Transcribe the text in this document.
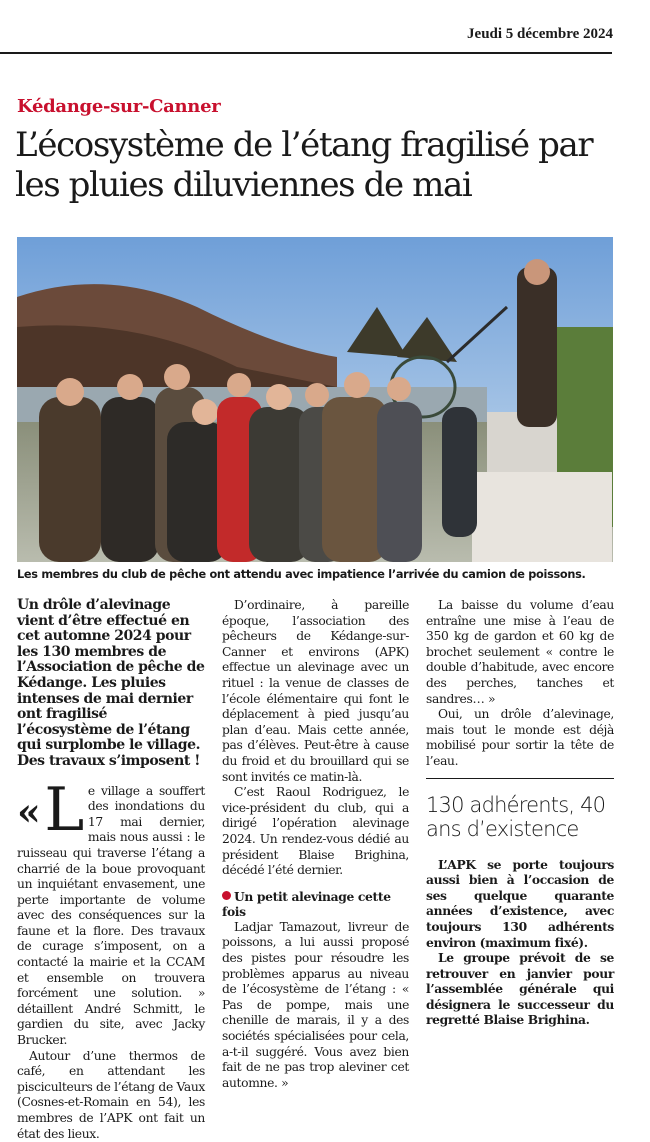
Jeudi 5 décembre 2024
Kédange-sur-Canner
L’écosystème de l’étang fragilisé par les pluies diluviennes de mai
Les membres du club de pêche ont attendu avec impatience l’arrivée du camion de poissons.

Un drôle d’alevinage vient d’être effectué en cet automne 2024 pour les 130 membres de l’Association de pêche de Kédange. Les pluies intenses de mai dernier ont fragilisé l’écosystème de l’étang qui surplombe le village. Des travaux s’imposent !

« L e village a souffert des inondations du 17 mai dernier, mais nous aussi : le ruisseau qui traverse l’étang a charrié de la boue provoquant un inquiétant envasement, une perte importante de volume avec des conséquences sur la faune et la flore. Des travaux de curage s’imposent, on a contacté la mairie et la CCAM et ensemble on trouvera forcément une solution. » détaillent André Schmitt, le gardien du site, avec Jacky Brucker.

Autour d’une thermos de café, en attendant les pisciculteurs de l’étang de Vaux (Cosnes-et-Romain en 54), les membres de l’APK ont fait un état des lieux.

D’ordinaire, à pareille époque, l’association des pêcheurs de Kédange-sur-Canner et environs (APK) effectue un alevinage avec un rituel : la venue de classes de l’école élémentaire qui font le déplacement à pied jusqu’au plan d’eau. Mais cette année, pas d’élèves. Peut-être à cause du froid et du brouillard qui se sont invités ce matin-là.

C’est Raoul Rodriguez, le vice-président du club, qui a dirigé l’opération alevinage 2024. Un rendez-vous dédié au président Blaise Brighina, décédé l’été dernier.

Un petit alevinage cette fois

Ladjar Tamazout, livreur de poissons, a lui aussi proposé des pistes pour résoudre les problèmes apparus au niveau de l’écosystème de l’étang : « Pas de pompe, mais une chenille de marais, il y a des sociétés spécialisées pour cela, a-t-il suggéré. Vous avez bien fait de ne pas trop aleviner cet automne. »

La baisse du volume d’eau entraîne une mise à l’eau de 350 kg de gardon et 60 kg de brochet seulement « contre le double d’habitude, avec encore des perches, tanches et sandres… »

Oui, un drôle d’alevinage, mais tout le monde est déjà mobilisé pour sortir la tête de l’eau.

130 adhérents, 40 ans d’existence

L’APK se porte toujours aussi bien à l’occasion de ses quelque quarante années d’existence, avec toujours 130 adhérents environ (maximum fixé).

Le groupe prévoit de se retrouver en janvier pour l’assemblée générale qui désignera le successeur du regretté Blaise Brighina.
